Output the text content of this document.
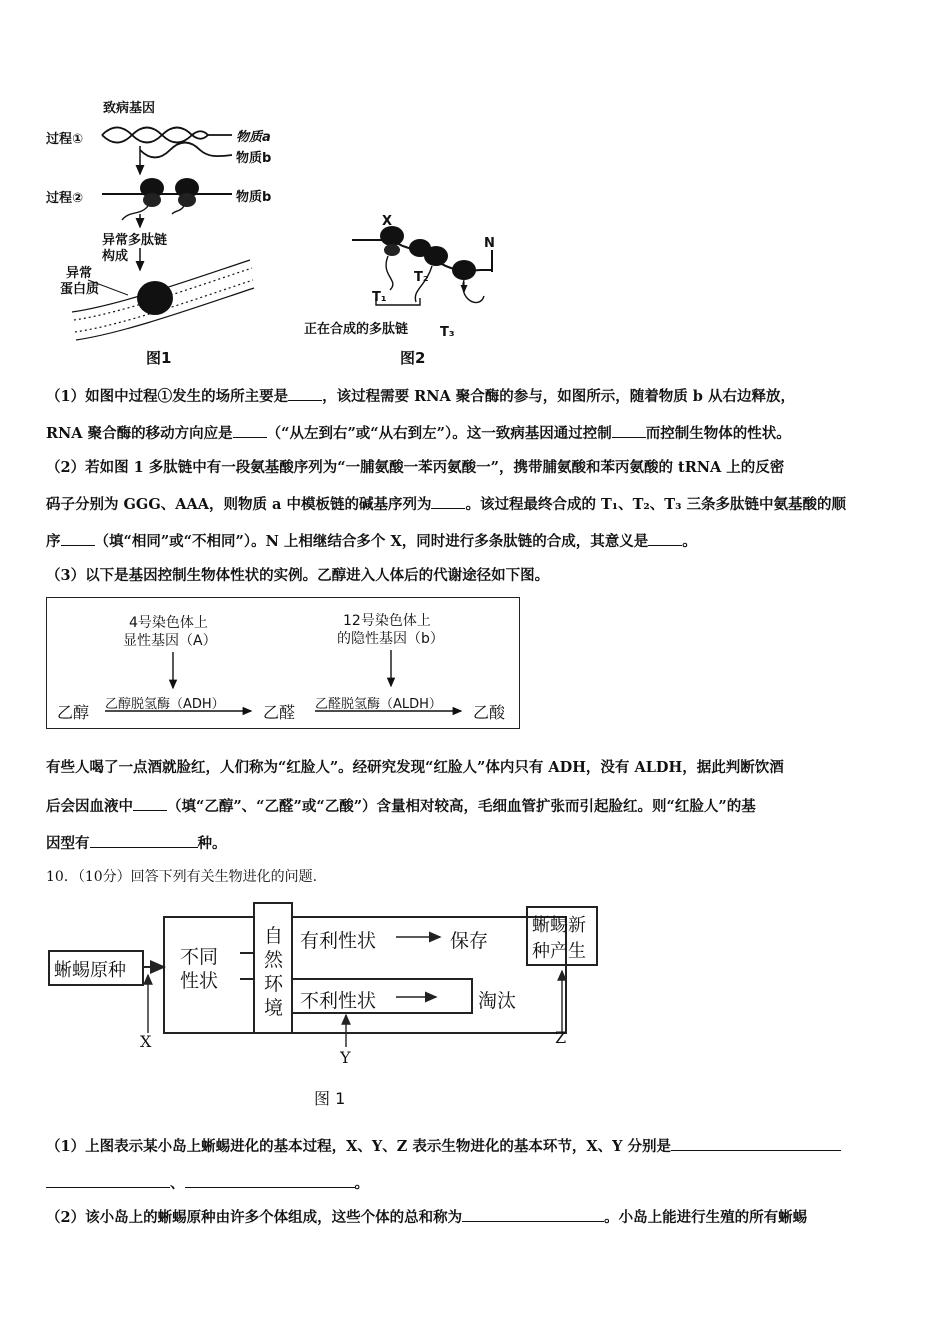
致病基因
过程①
过程②
物质a
物质b
物质b
异常多肽链
构成
异常
蛋白质
图1
X
N
T₁
T₂
T₃
正在合成的多肽链
图2
（1）如图中过程①发生的场所主要是 ，该过程需要 RNA 聚合酶的参与，如图所示，随着物质 b 从右边释放，
RNA 聚合酶的移动方向应是 （“从左到右”或“从右到左”）。这一致病基因通过控制 而控制生物体的性状。
（2）若如图 1 多肽链中有一段氨基酸序列为“一脯氨酸一苯丙氨酸一”，携带脯氨酸和苯丙氨酸的 tRNA 上的反密
码子分别为 GGG、AAA，则物质 a 中模板链的碱基序列为 。该过程最终合成的 T₁、T₂、T₃ 三条多肽链中氨基酸的顺
序 （填“相同”或“不相同”）。N 上相继结合多个 X，同时进行多条肽链的合成，其意义是 。
（3）以下是基因控制生物体性状的实例。乙醇进入人体后的代谢途径如下图。
4号染色体上
显性基因（A）
12号染色体上
的隐性基因（b）
乙醇 乙醇脱氢酶（ADH） 乙醛 乙醛脱氢酶（ALDH） 乙酸
有些人喝了一点酒就脸红，人们称为“红脸人”。经研究发现“红脸人”体内只有 ADH，没有 ALDH，据此判断饮酒
后会因血液中 （填“乙醇”、“乙醛”或“乙酸”）含量相对较高，毛细血管扩张而引起脸红。则“红脸人”的基
因型有	种。
10．（10分）回答下列有关生物进化的问题.
蜥蜴原种
不同
性状
自
然
环
境
有利性状	保存
不利性状	淘汰
蜥蜴新
种产生
X
Y
Z
图 1
（1）上图表示某小岛上蜥蜴进化的基本过程，X、Y、Z 表示生物进化的基本环节，X、Y 分别是
、	。
（2）该小岛上的蜥蜴原种由许多个体组成，这些个体的总和称为	。小岛上能进行生殖的所有蜥蜴
